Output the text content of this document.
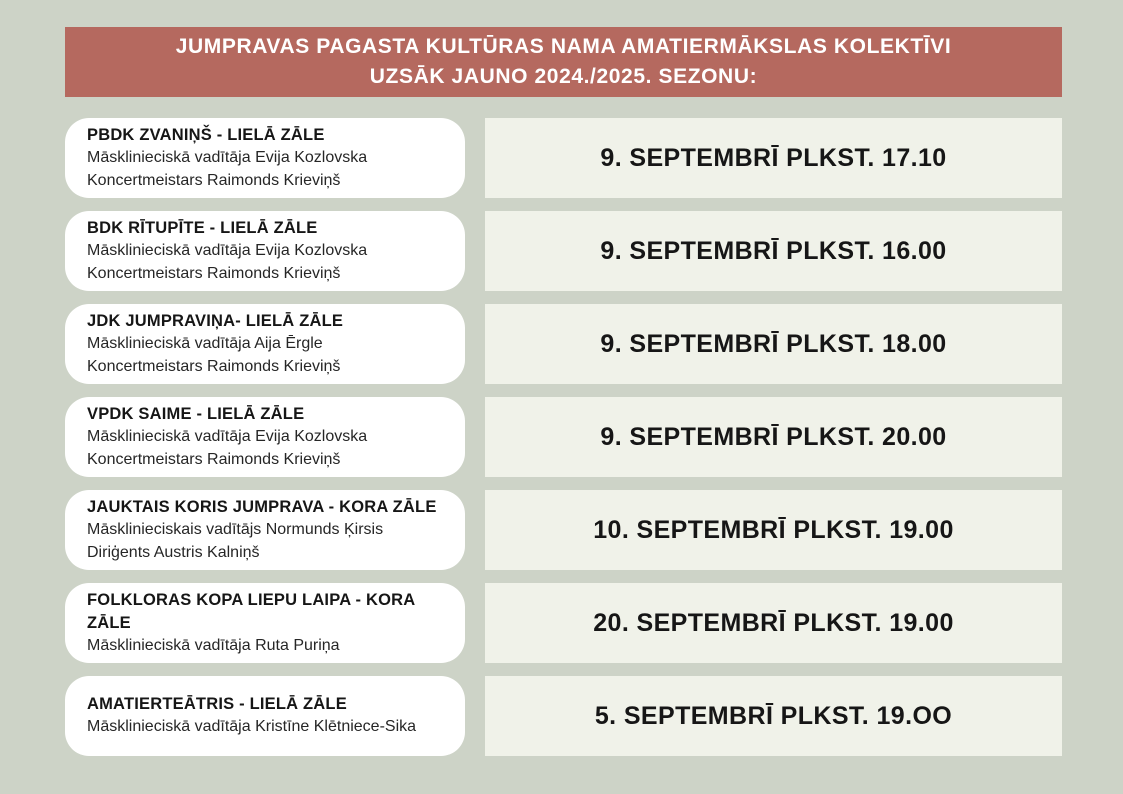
JUMPRAVAS PAGASTA KULTŪRAS NAMA AMATIERMĀKSLAS KOLEKTĪVI
UZSĀK JAUNO 2024./2025. SEZONU:
PBDK ZVANIŅŠ - LIELĀ ZĀLE
Māsklinieciskā vadītāja Evija Kozlovska
Koncertmeistars Raimonds Krieviņš
9. SEPTEMBRĪ PLKST. 17.10
BDK RĪTUPĪTE - LIELĀ ZĀLE
Māsklinieciskā vadītāja Evija Kozlovska
Koncertmeistars Raimonds Krieviņš
9. SEPTEMBRĪ PLKST. 16.00
JDK JUMPRAVIŅA- LIELĀ ZĀLE
Māsklinieciskā vadītāja Aija Ērgle
Koncertmeistars Raimonds Krieviņš
9. SEPTEMBRĪ PLKST. 18.00
VPDK SAIME - LIELĀ ZĀLE
Māsklinieciskā vadītāja Evija Kozlovska
Koncertmeistars Raimonds Krieviņš
9. SEPTEMBRĪ PLKST. 20.00
JAUKTAIS KORIS JUMPRAVA - KORA ZĀLE
Māsklinieciskais vadītājs Normunds Ķirsis
Diriģents Austris Kalniņš
10. SEPTEMBRĪ PLKST. 19.00
FOLKLORAS KOPA LIEPU LAIPA - KORA ZĀLE
Māsklinieciskā vadītāja Ruta Puriņa
20. SEPTEMBRĪ PLKST. 19.00
AMATIERTEĀTRIS - LIELĀ ZĀLE
Māsklinieciskā vadītāja Kristīne Klētniece-Sika	5. SEPTEMBRĪ PLKST. 19.OO
